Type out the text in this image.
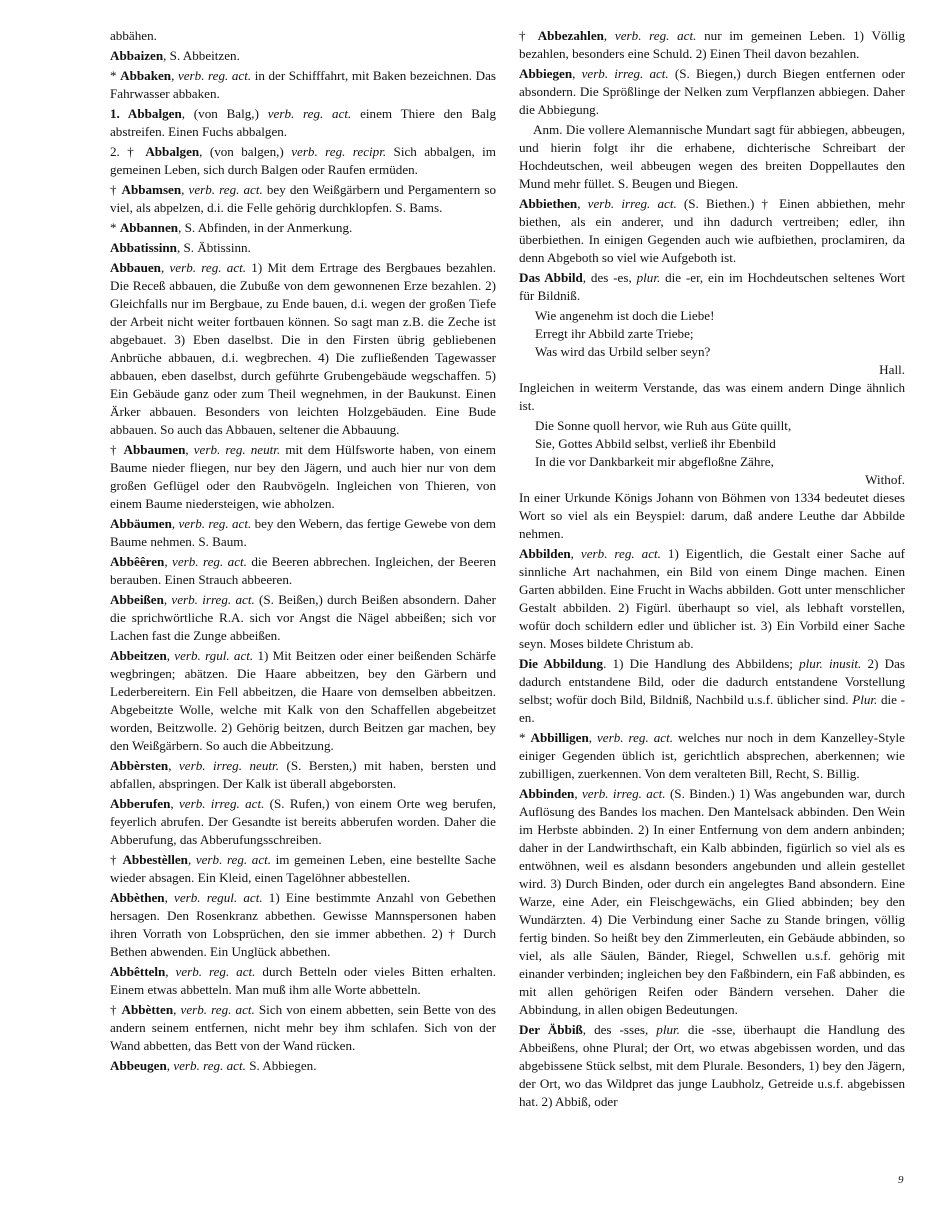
abbähen.
Abbaizen, S. Abbeitzen.
* Abbaken, verb. reg. act. in der Schifffahrt, mit Baken bezeichnen. Das Fahrwasser abbaken.
1. Abbalgen, (von Balg,) verb. reg. act. einem Thiere den Balg abstreifen. Einen Fuchs abbalgen.
2. † Abbalgen, (von balgen,) verb. reg. recipr. Sich abbalgen, im gemeinen Leben, sich durch Balgen oder Raufen ermüden.
† Abbamsen, verb. reg. act. bey den Weißgärbern und Pergamentern so viel, als abpelzen, d.i. die Felle gehörig durchklopfen. S. Bams.
* Abbannen, S. Abfinden, in der Anmerkung.
Abbatissinn, S. Äbtissinn.
Abbauen, verb. reg. act. 1) Mit dem Ertrage des Bergbaues bezahlen. Die Receß abbauen, die Zubuße von dem gewonnenen Erze bezahlen. 2) Gleichfalls nur im Bergbaue, zu Ende bauen, d.i. wegen der großen Tiefe der Arbeit nicht weiter fortbauen können. So sagt man z.B. die Zeche ist abgebauet. 3) Eben daselbst. Die in den Firsten übrig gebliebenen Anbrüche abbauen, d.i. wegbrechen. 4) Die zufließenden Tagewasser abbauen, eben daselbst, durch geführte Grubengebäude wegschaffen. 5) Ein Gebäude ganz oder zum Theil wegnehmen, in der Baukunst. Einen Ärker abbauen. Besonders von leichten Holzgebäuden. Eine Bude abbauen. So auch das Abbauen, seltener die Abbauung.
† Abbaumen, verb. reg. neutr. mit dem Hülfsworte haben, von einem Baume nieder fliegen, nur bey den Jägern, und auch hier nur von dem großen Geflügel oder den Raubvögeln. Ingleichen von Thieren, von einem Baume niedersteigen, wie abholzen.
Abbäumen, verb. reg. act. bey den Webern, das fertige Gewebe von dem Baume nehmen. S. Baum.
Abbêêren, verb. reg. act. die Beeren abbrechen. Ingleichen, der Beeren berauben. Einen Strauch abbeeren.
Abbeißen, verb. irreg. act. (S. Beißen,) durch Beißen absondern. Daher die sprichwörtliche R.A. sich vor Angst die Nägel abbeißen; sich vor Lachen fast die Zunge abbeißen.
Abbeitzen, verb. rgul. act. 1) Mit Beitzen oder einer beißenden Schärfe wegbringen; abätzen. Die Haare abbeitzen, bey den Gärbern und Lederbereitern. Ein Fell abbeitzen, die Haare von demselben abbeitzen. Abgebeitzte Wolle, welche mit Kalk von den Schaffellen abgebeitzet worden, Beitzwolle. 2) Gehörig beitzen, durch Beitzen gar machen, bey den Weißgärbern. So auch die Abbeitzung.
Abbèrsten, verb. irreg. neutr. (S. Bersten,) mit haben, bersten und abfallen, abspringen. Der Kalk ist überall abgeborsten.
Abberufen, verb. irreg. act. (S. Rufen,) von einem Orte weg berufen, feyerlich abrufen. Der Gesandte ist bereits abberufen worden. Daher die Abberufung, das Abberufungsschreiben.
† Abbestèllen, verb. reg. act. im gemeinen Leben, eine bestellte Sache wieder absagen. Ein Kleid, einen Tagelöhner abbestellen.
Abbèthen, verb. regul. act. 1) Eine bestimmte Anzahl von Gebethen hersagen. Den Rosenkranz abbethen. Gewisse Mannspersonen haben ihren Vorrath von Lobsprüchen, den sie immer abbethen. 2) † Durch Bethen abwenden. Ein Unglück abbethen.
Abbêtteln, verb. reg. act. durch Betteln oder vieles Bitten erhalten. Einem etwas abbetteln. Man muß ihm alle Worte abbetteln.
† Abbètten, verb. reg. act. Sich von einem abbetten, sein Bette von des andern seinem entfernen, nicht mehr bey ihm schlafen. Sich von der Wand abbetten, das Bett von der Wand rücken.
Abbeugen, verb. reg. act. S. Abbiegen.
† Abbezahlen, verb. reg. act. nur im gemeinen Leben. 1) Völlig bezahlen, besonders eine Schuld. 2) Einen Theil davon bezahlen.
Abbiegen, verb. irreg. act. (S. Biegen,) durch Biegen entfernen oder absondern. Die Sprößlinge der Nelken zum Verpflanzen abbiegen. Daher die Abbiegung.
Anm. Die vollere Alemannische Mundart sagt für abbiegen, abbeugen, und hierin folgt ihr die erhabene, dichterische Schreibart der Hochdeutschen, weil abbeugen wegen des breiten Doppellautes den Mund mehr füllet. S. Beugen und Biegen.
Abbiethen, verb. irreg. act. (S. Biethen.) † Einen abbiethen, mehr biethen, als ein anderer, und ihn dadurch vertreiben; edler, ihn überbiethen. In einigen Gegenden auch wie aufbiethen, proclamiren, da denn Abgeboth so viel wie Aufgeboth ist.
Das Abbild, des -es, plur. die -er, ein im Hochdeutschen seltenes Wort für Bildniß.
Wie angenehm ist doch die Liebe!
Erregt ihr Abbild zarte Triebe;
Was wird das Urbild selber seyn?
Hall.
Ingleichen in weiterm Verstande, das was einem andern Dinge ähnlich ist.
Die Sonne quoll hervor, wie Ruh aus Güte quillt,
Sie, Gottes Abbild selbst, verließ ihr Ebenbild
In die vor Dankbarkeit mir abgefloßne Zähre,
Withof.
In einer Urkunde Königs Johann von Böhmen von 1334 bedeutet dieses Wort so viel als ein Beyspiel: darum, daß andere Leuthe dar Abbilde nehmen.
Abbilden, verb. reg. act. 1) Eigentlich, die Gestalt einer Sache auf sinnliche Art nachahmen, ein Bild von einem Dinge machen. Einen Garten abbilden. Eine Frucht in Wachs abbilden. Gott unter menschlicher Gestalt abbilden. 2) Figürl. überhaupt so viel, als lebhaft vorstellen, wofür doch schildern edler und üblicher ist. 3) Ein Vorbild einer Sache seyn. Moses bildete Christum ab.
Die Abbildung. 1) Die Handlung des Abbildens; plur. inusit. 2) Das dadurch entstandene Bild, oder die dadurch entstandene Vorstellung selbst; wofür doch Bild, Bildniß, Nachbild u.s.f. üblicher sind. Plur. die -en.
* Abbilligen, verb. reg. act. welches nur noch in dem Kanzelley-Style einiger Gegenden üblich ist, gerichtlich absprechen, aberkennen; wie zubilligen, zuerkennen. Von dem veralteten Bill, Recht, S. Billig.
Abbinden, verb. irreg. act. (S. Binden.) 1) Was angebunden war, durch Auflösung des Bandes los machen. Den Mantelsack abbinden. Den Wein im Herbste abbinden. 2) In einer Entfernung von dem andern anbinden; daher in der Landwirthschaft, ein Kalb abbinden, figürlich so viel als es entwöhnen, weil es alsdann besonders angebunden und allein gestellet wird. 3) Durch Binden, oder durch ein angelegtes Band absondern. Eine Warze, eine Ader, ein Fleischgewächs, ein Glied abbinden; bey den Wundärzten. 4) Die Verbindung einer Sache zu Stande bringen, völlig fertig binden. So heißt bey den Zimmerleuten, ein Gebäude abbinden, so viel, als alle Säulen, Bänder, Riegel, Schwellen u.s.f. gehörig mit einander verbinden; ingleichen bey den Faßbindern, ein Faß abbinden, es mit allen gehörigen Reifen oder Bändern versehen. Daher die Abbindung, in allen obigen Bedeutungen.
Der Äbbiß, des -sses, plur. die -sse, überhaupt die Handlung des Abbeißens, ohne Plural; der Ort, wo etwas abgebissen worden, und das abgebissene Stück selbst, mit dem Plurale. Besonders, 1) bey den Jägern, der Ort, wo das Wildpret das junge Laubholz, Getreide u.s.f. abgebissen hat. 2) Abbiß, oder
9
